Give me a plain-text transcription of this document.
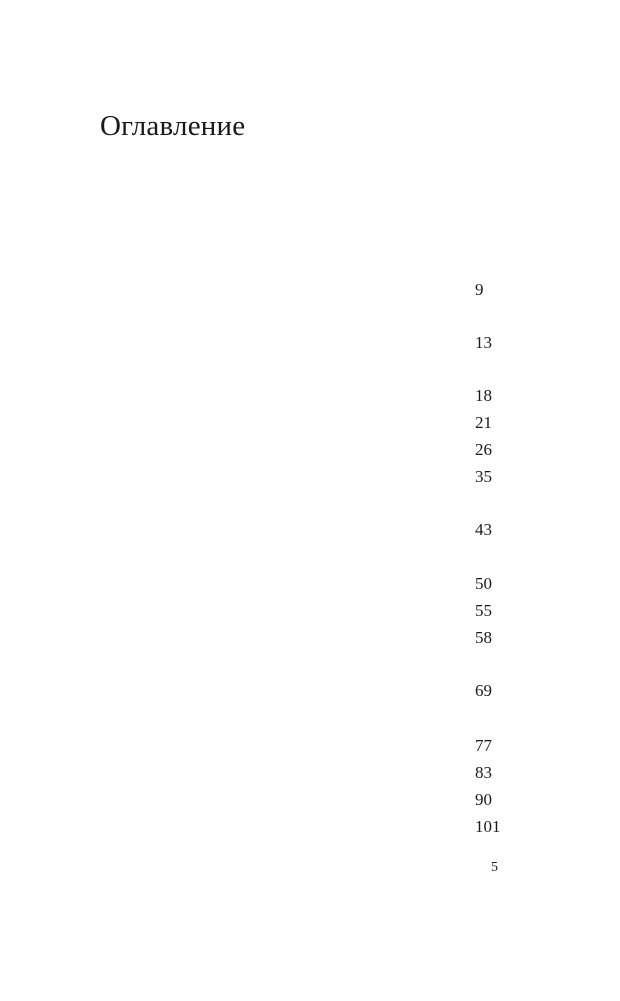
Оглавление
9
13
18
21
26
35
43
50
55
58
69
77
83
90
101
5
